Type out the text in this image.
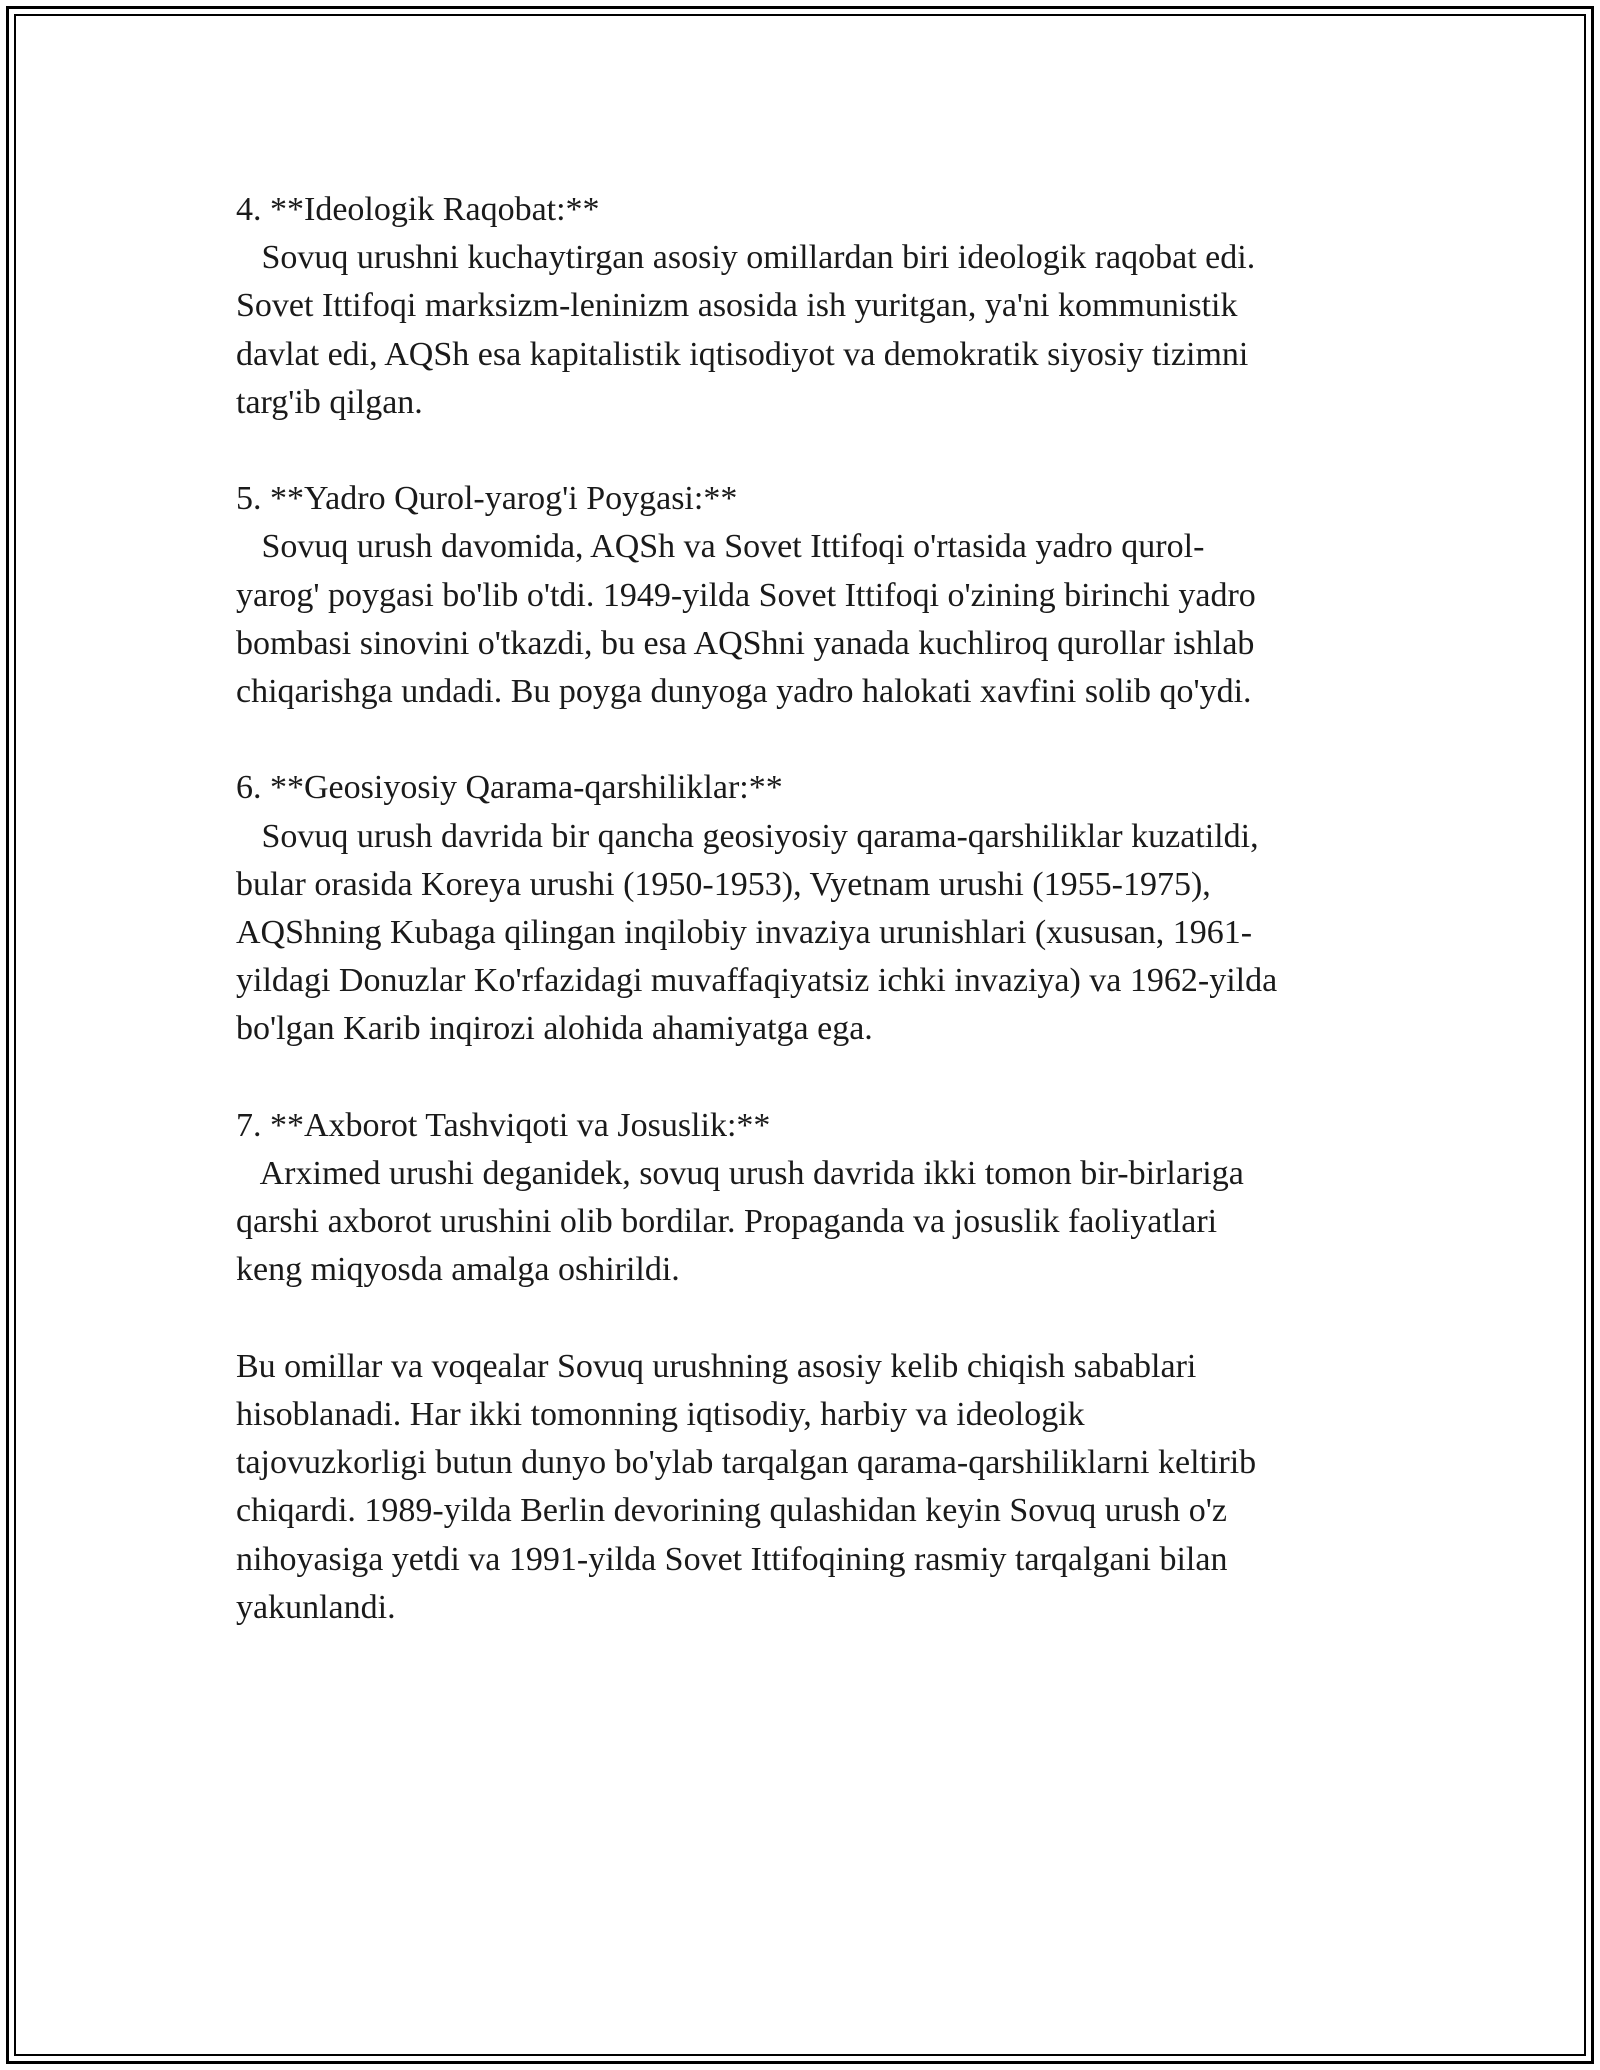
4. **Ideologik Raqobat:**

Sovuq urushni kuchaytirgan asosiy omillardan biri ideologik raqobat edi.
Sovet Ittifoqi marksizm-leninizm asosida ish yuritgan, ya'ni kommunistik
davlat edi, AQSh esa kapitalistik iqtisodiyot va demokratik siyosiy tizimni
targ'ib qilgan.

5. **Yadro Qurol-yarog'i Poygasi:**

Sovuq urush davomida, AQSh va Sovet Ittifoqi o'rtasida yadro qurol-
yarog' poygasi bo'lib o'tdi. 1949-yilda Sovet Ittifoqi o'zining birinchi yadro
bombasi sinovini o'tkazdi, bu esa AQShni yanada kuchliroq qurollar ishlab
chiqarishga undadi. Bu poyga dunyoga yadro halokati xavfini solib qo'ydi.

6. **Geosiyosiy Qarama-qarshiliklar:**

Sovuq urush davrida bir qancha geosiyosiy qarama-qarshiliklar kuzatildi,
bular orasida Koreya urushi (1950-1953), Vyetnam urushi (1955-1975),
AQShning Kubaga qilingan inqilobiy invaziya urunishlari (xususan, 1961-
yildagi Donuzlar Ko'rfazidagi muvaffaqiyatsiz ichki invaziya) va 1962-yilda
bo'lgan Karib inqirozi alohida ahamiyatga ega.

7. **Axborot Tashviqoti va Josuslik:**

Arximed urushi deganidek, sovuq urush davrida ikki tomon bir-birlariga
qarshi axborot urushini olib bordilar. Propaganda va josuslik faoliyatlari
keng miqyosda amalga oshirildi.

Bu omillar va voqealar Sovuq urushning asosiy kelib chiqish sabablari
hisoblanadi. Har ikki tomonning iqtisodiy, harbiy va ideologik
tajovuzkorligi butun dunyo bo'ylab tarqalgan qarama-qarshiliklarni keltirib
chiqardi. 1989-yilda Berlin devorining qulashidan keyin Sovuq urush o'z
nihoyasiga yetdi va 1991-yilda Sovet Ittifoqining rasmiy tarqalgani bilan
yakunlandi.
